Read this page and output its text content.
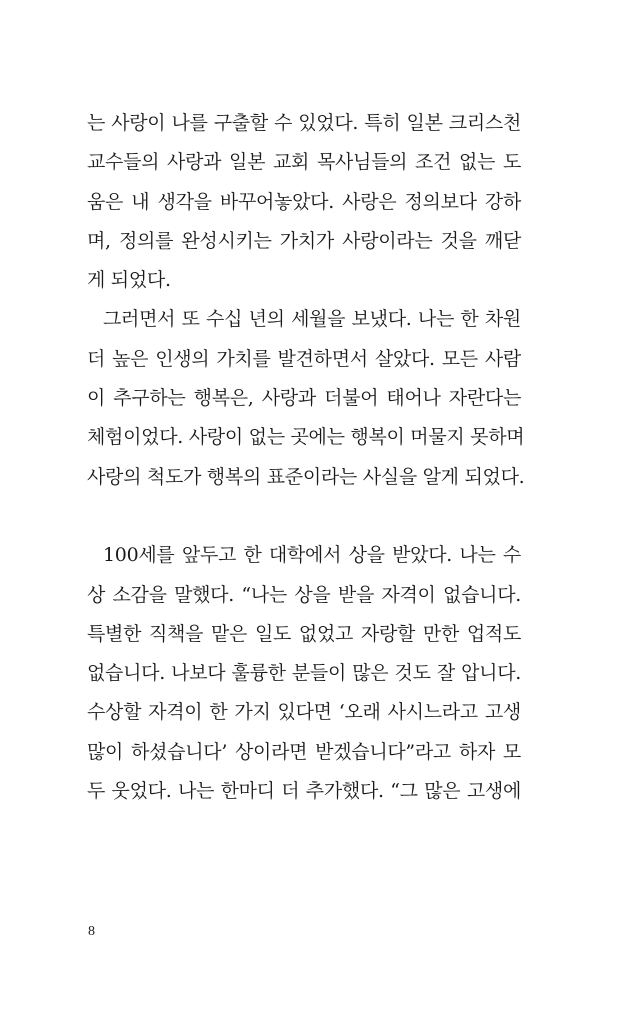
는 사랑이 나를 구출할 수 있었다. 특히 일본 크리스천
교수들의 사랑과 일본 교회 목사님들의 조건 없는 도
움은 내 생각을 바꾸어놓았다. 사랑은 정의보다 강하
며, 정의를 완성시키는 가치가 사랑이라는 것을 깨닫
게 되었다.
그러면서 또 수십 년의 세월을 보냈다. 나는 한 차원
더 높은 인생의 가치를 발견하면서 살았다. 모든 사람
이 추구하는 행복은, 사랑과 더불어 태어나 자란다는
체험이었다. 사랑이 없는 곳에는 행복이 머물지 못하며
사랑의 척도가 행복의 표준이라는 사실을 알게 되었다.
100세를 앞두고 한 대학에서 상을 받았다. 나는 수
상 소감을 말했다. “나는 상을 받을 자격이 없습니다.
특별한 직책을 맡은 일도 없었고 자랑할 만한 업적도
없습니다. 나보다 훌륭한 분들이 많은 것도 잘 압니다.
수상할 자격이 한 가지 있다면 ‘오래 사시느라고 고생
많이 하셨습니다’ 상이라면 받겠습니다”라고 하자 모
두 웃었다. 나는 한마디 더 추가했다. “그 많은 고생에
8
